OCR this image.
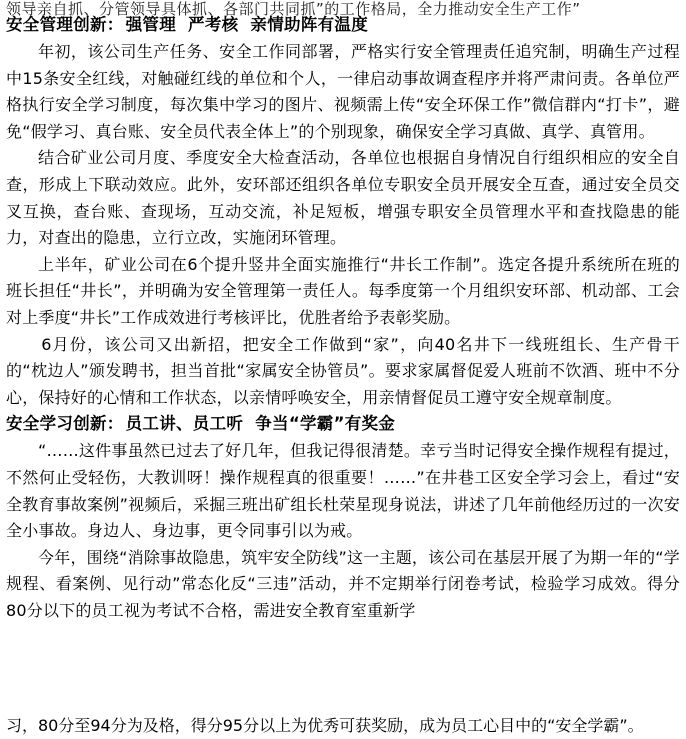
领导亲自抓、分管领导具体抓、各部门共同抓”的工作格局，全力推动安全生产工作”
安全管理创新： 强管理 严考核 亲情助阵有温度

年初，该公司生产任务、安全工作同部署，严格实行安全管理责任追究制，明确生产过程中15条安全红线，对触碰红线的单位和个人，一律启动事故调查程序并将严肃问责。各单位严格执行安全学习制度，每次集中学习的图片、视频需上传“安全环保工作”微信群内“打卡”，避免“假学习、真台账、安全员代表全体上”的个别现象，确保安全学习真做、真学、真管用。

结合矿业公司月度、季度安全大检查活动，各单位也根据自身情况自行组织相应的安全自查，形成上下联动效应。此外，安环部还组织各单位专职安全员开展安全互查，通过安全员交叉互换，查台账、查现场，互动交流，补足短板，增强专职安全员管理水平和查找隐患的能力，对查出的隐患，立行立改，实施闭环管理。

上半年，矿业公司在6个提升竖井全面实施推行“井长工作制”。选定各提升系统所在班的班长担任“井长”，并明确为安全管理第一责任人。每季度第一个月组织安环部、机动部、工会对上季度“井长”工作成效进行考核评比，优胜者给予表彰奖励。

6月份，该公司又出新招，把安全工作做到“家”，向40名井下一线班组长、生产骨干的“枕边人”颁发聘书，担当首批“家属安全协管员”。要求家属督促爱人班前不饮酒、班中不分心，保持好的心情和工作状态，以亲情呼唤安全，用亲情督促员工遵守安全规章制度。

安全学习创新： 员工讲、员工听 争当“学霸”有奖金

“……这件事虽然已过去了好几年，但我记得很清楚。幸亏当时记得安全操作规程有提过，不然何止受轻伤，大教训呀！操作规程真的很重要！……”在井巷工区安全学习会上，看过“安全教育事故案例”视频后，采掘三班出矿组长杜荣星现身说法，讲述了几年前他经历过的一次安全小事故。身边人、身边事，更令同事引以为戒。

今年，围绕“消除事故隐患，筑牢安全防线”这一主题，该公司在基层开展了为期一年的“学规程、看案例、见行动”常态化反“三违”活动，并不定期举行闭卷考试，检验学习成效。得分80分以下的员工视为考试不合格，需进安全教育室重新学

习，80分至94分为及格，得分95分以上为优秀可获奖励，成为员工心目中的“安全学霸”。
